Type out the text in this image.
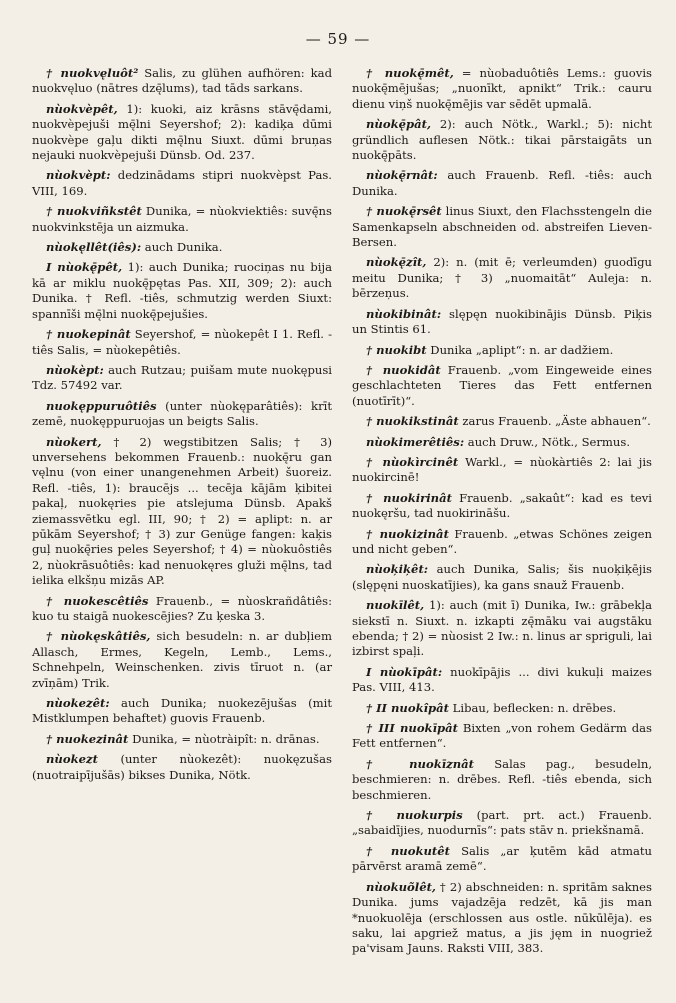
— 59 —

† nuokvęluôt² Salis, zu glühen aufhören: kad nuokvęluo (nātres dzę̄lums), tad tāds sarkans.

nùokvèpêt, 1): kuoki, aiz krāsns stāvę̄dami, nuokvèpejuši mę̄lni Seyershof; 2): kadiķa dūmi nuokvèpe gaļu dikti mę̄lnu Siuxt. dūmi bruņas nejauki nuokvèpejuši Dünsb. Od. 237.

nùokvèpt: dedzinādams stipri nuokvèpst Pas. VIII, 169.

† nuokviñkstêt Dunika, = nùokviektiês: suvę̄ns nuokvinkstēja un aizmuka.

nùokęllêt(iês): auch Dunika.

I nùokę̄pêt, 1): auch Dunika; ruociņas nu bija kā ar miklu nuokę̄pętas Pas. XII, 309; 2): auch Dunika. † Refl. -tiês, schmutzig werden Siuxt: spannīši mę̄lni nuokę̄pejušies.

† nuokepinât Seyershof, = nùokepêt I 1. Refl. -tiês Salis, = nùokepêtiês.

nùokèpt: auch Rutzau; puišam mute nuokępusi Tdz. 57492 var.

nuokęppuruôtiês (unter nùokęparâtiês): krīt zemē, nuokęppuruojas un beigts Salis.

nùokert, † 2) wegstibitzen Salis; † 3) unversehens bekommen Frauenb.: nuokę̄ru gan vęlnu (von einer unangenehmen Arbeit) šuoreiz. Refl. -tiês, 1): braucējs ... tecēja kājām ķibitei pakaļ, nuokęries pie atslejuma Dünsb. Apakš ziemassvētku egl. III, 90; † 2) = aplipt: n. ar pūkām Seyershof; † 3) zur Genüge fangen: kaķis guļ nuokę̄ries peles Seyershof; † 4) = nùokuôstiês 2, nùokrāsuôtiês: kad nenuokęres gluži mę̄lns, tad ielika elkšņu mizās AP.

† nuokescêtiês Frauenb., = nùoskrañdâtiês: kuo tu staigā nuokescējies? Zu ķeska 3.

† nùokęskâtiês, sich besudeln: n. ar dubļiem Allasch, Ermes, Kegeln, Lemb., Lems., Schnehpeln, Weinschenken. zivis tīruot n. (ar zvīņām) Trik.

nùokezêt: auch Dunika; nuokezējušas (mit Mistklumpen behaftet) guovis Frauenb.

† nuokezinât Dunika, = nùotràipît: n. drānas.

nùokezt (unter nùokezêt): nuokęzušas (nuotraipījušās) bikses Dunika, Nötk.

† nuokę̄mêt, = nùobaduôtiês Lems.: guovis nuokę̄mējušas; „nuonīkt, apnikt“ Trik.: cauru dienu viņš nuokę̄mējis var sēdēt upmalā.

nùokę̄pât, 2): auch Nötk., Warkl.; 5): nicht gründlich auflesen Nötk.: tikai pārstaigāts un nuokę̄pāts.

nùokę̄rnât: auch Frauenb. Refl. -tiês: auch Dunika.

† nuokę̄rsêt linus Siuxt, den Flachsstengeln die Samenkapseln abschneiden od. abstreifen Lieven-Bersen.

nùokę̄zît, 2): n. (mit ē; verleumden) guodīgu meitu Dunika; † 3) „nuomaitāt“ Auleja: n. bērzeņus.

nùokibinât: slępęn nuokibinājis Dünsb. Piķis un Stintis 61.

† nuokibt Dunika „aplipt“: n. ar dadžiem.

† nuokidât Frauenb. „vom Eingeweide eines geschlachteten Tieres das Fett entfernen (nuotīrīt)“.

† nuokikstinât zarus Frauenb. „Äste abhauen“.

nùokimerêtiês: auch Druw., Nötk., Sermus.

† nùokìrcinêt Warkl., = nùokàrtiês 2: lai jis nuokircinē!

† nuokirinât Frauenb. „sakaût“: kad es tevi nuokęršu, tad nuokirināšu.

† nuokizinât Frauenb. „etwas Schönes zeigen und nicht geben“.

nùoķiķêt: auch Dunika, Salis; šis nuoķiķējis (slępęni nuoskatījies), ka gans snauž Frauenb.

nuokīlêt, 1): auch (mit ī) Dunika, Iw.: grābekļa siekstī n. Siuxt. n. izkapti zę̄māku vai augstāku ebenda; † 2) = nùosist 2 Iw.: n. linus ar spriguli, lai izbirst spaļi.

I nùokīpât: nuokīpājis ... divi kukuļi maizes Pas. VIII, 413.

† II nuokîpât Libau, beflecken: n. drēbes.

† III nuokīpât Bixten „von rohem Gedärm das Fett entfernen“.

† nuokīznât Salas pag., besudeln, beschmieren: n. drēbes. Refl. -tiês ebenda, sich beschmieren.

† nuokurpis (part. prt. act.) Frauenb. „sabaidījies, nuodurnīs“: pats stāv n. priekšnamā.

† nuokutêt Salis „ar ķutēm kād atmatu pārvērst aramā zemē“.

nùokuõlêt, † 2) abschneiden: n. spritām saknes Dunika. jums vajadzēja redzēt, kā jis man *nuokuolēja (erschlossen aus ostle. nūkūlēja). es saku, lai apgriež matus, a jis jęm in nuogriež pa'visam Jauns. Raksti VIII, 383.
